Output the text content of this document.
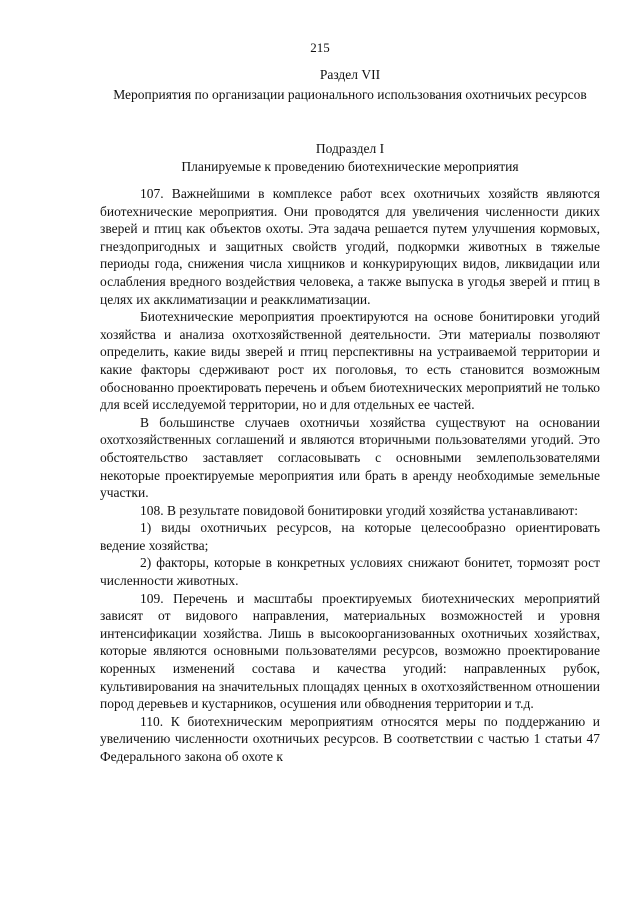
215
Раздел VII
Мероприятия по организации рационального использования охотничьих ресурсов
Подраздел I
Планируемые к проведению биотехнические мероприятия

107. Важнейшими в комплексе работ всех охотничьих хозяйств являются биотехнические мероприятия. Они проводятся для увеличения численности диких зверей и птиц как объектов охоты. Эта задача решается путем улучшения кормовых, гнездопригодных и защитных свойств угодий, подкормки животных в тяжелые периоды года, снижения числа хищников и конкурирующих видов, ликвидации или ослабления вредного воздействия человека, а также выпуска в угодья зверей и птиц в целях их акклиматизации и реакклиматизации.

Биотехнические мероприятия проектируются на основе бонитировки угодий хозяйства и анализа охотхозяйственной деятельности. Эти материалы позволяют определить, какие виды зверей и птиц перспективны на устраиваемой территории и какие факторы сдерживают рост их поголовья, то есть становится возможным обоснованно проектировать перечень и объем биотехнических мероприятий не только для всей исследуемой территории, но и для отдельных ее частей.

В большинстве случаев охотничьи хозяйства существуют на основании охотхозяйственных соглашений и являются вторичными пользователями угодий. Это обстоятельство заставляет согласовывать с основными землепользователями некоторые проектируемые мероприятия или брать в аренду необходимые земельные участки.

108. В результате повидовой бонитировки угодий хозяйства устанавливают:

1) виды охотничьих ресурсов, на которые целесообразно ориентировать ведение хозяйства;

2) факторы, которые в конкретных условиях снижают бонитет, тормозят рост численности животных.

109. Перечень и масштабы проектируемых биотехнических мероприятий зависят от видового направления, материальных возможностей и уровня интенсификации хозяйства. Лишь в высокоорганизованных охотничьих хозяйствах, которые являются основными пользователями ресурсов, возможно проектирование коренных изменений состава и качества угодий: направленных рубок, культивирования на значительных площадях ценных в охотхозяйственном отношении пород деревьев и кустарников, осушения или обводнения территории и т.д.

110. К биотехническим мероприятиям относятся меры по поддержанию и увеличению численности охотничьих ресурсов. В соответствии с частью 1 статьи 47 Федерального закона об охоте к
